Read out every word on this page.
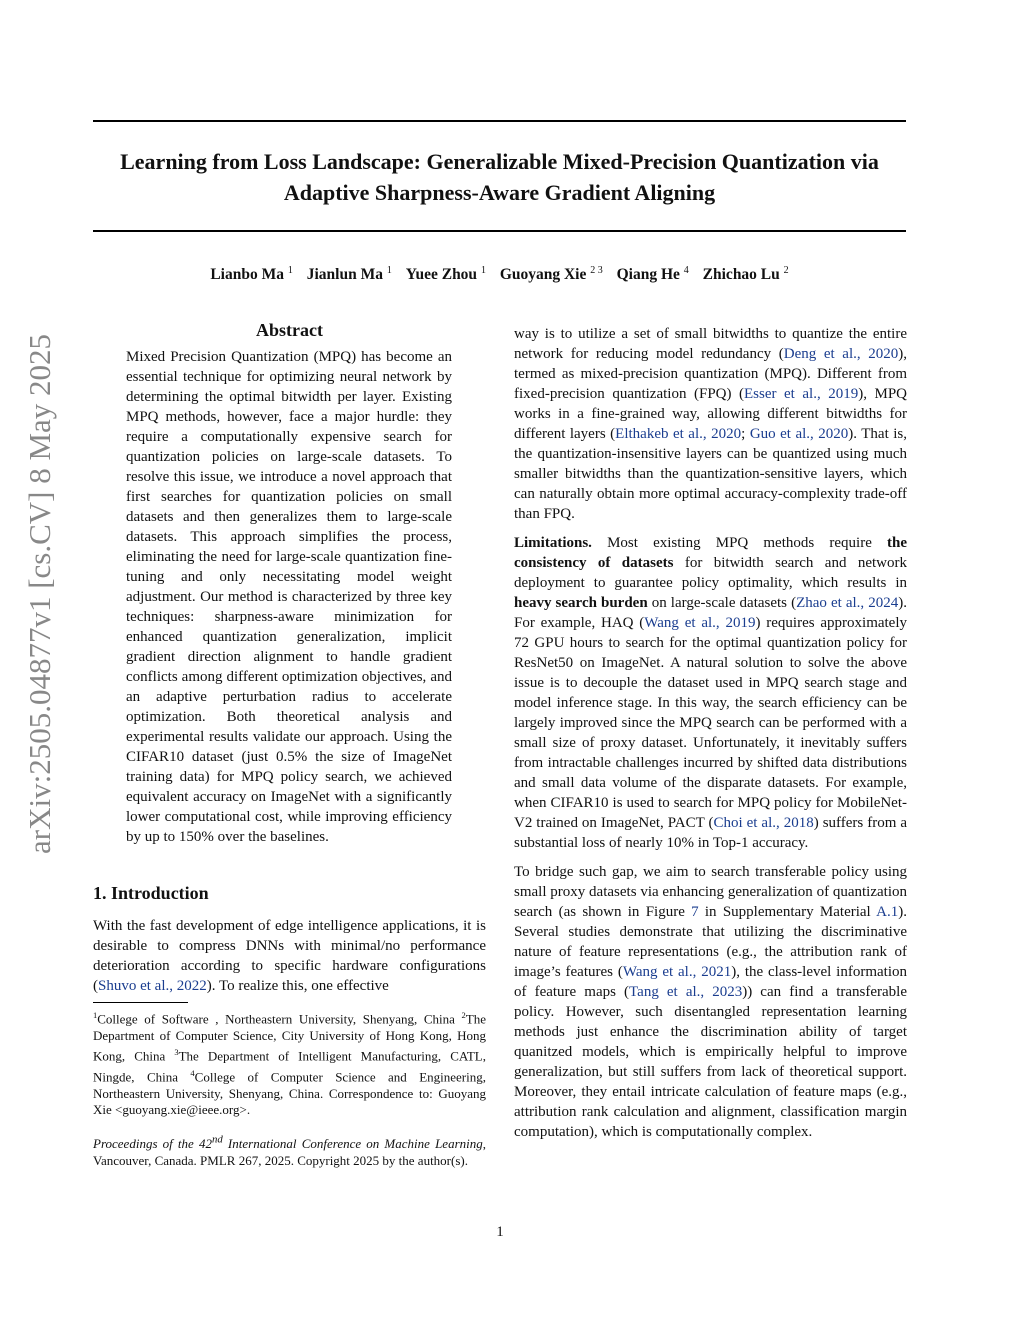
arXiv:2505.04877v1 [cs.CV] 8 May 2025
Learning from Loss Landscape: Generalizable Mixed-Precision Quantization via
Adaptive Sharpness-Aware Gradient Aligning
Lianbo Ma $^1$ Jianlun Ma $^1$ Yuee Zhou $^1$ Guoyang Xie $^{2 3}$ Qiang He $^4$ Zhichao Lu $^2$
Abstract

Mixed Precision Quantization (MPQ) has become an essential technique for optimizing neural network by determining the optimal bitwidth per layer. Existing MPQ methods, however, face a major hurdle: they require a computationally expensive search for quantization policies on large-scale datasets. To resolve this issue, we introduce a novel approach that first searches for quantization policies on small datasets and then generalizes them to large-scale datasets. This approach simplifies the process, eliminating the need for large-scale quantization fine-tuning and only necessitating model weight adjustment. Our method is characterized by three key techniques: sharpness-aware minimization for enhanced quantization generalization, implicit gradient direction alignment to handle gradient conflicts among different optimization objectives, and an adaptive perturbation radius to accelerate optimization. Both theoretical analysis and experimental results validate our approach. Using the CIFAR10 dataset (just 0.5% the size of ImageNet training data) for MPQ policy search, we achieved equivalent accuracy on ImageNet with a significantly lower computational cost, while improving efficiency by up to 150% over the baselines.

1. Introduction

With the fast development of edge intelligence applications, it is desirable to compress DNNs with minimal/no performance deterioration according to specific hardware configurations (Shuvo et al., 2022). To realize this, one effective

$^1$College of Software , Northeastern University, Shenyang, China $^2$The Department of Computer Science, City University of Hong Kong, Hong Kong, China $^3$The Department of Intelligent Manufacturing, CATL, Ningde, China $^4$College of Computer Science and Engineering, Northeastern University, Shenyang, China. Correspondence to: Guoyang Xie <guoyang.xie@ieee.org>.

Proceedings of the 42nd International Conference on Machine Learning, Vancouver, Canada. PMLR 267, 2025. Copyright 2025 by the author(s).

way is to utilize a set of small bitwidths to quantize the entire network for reducing model redundancy (Deng et al., 2020), termed as mixed-precision quantization (MPQ). Different from fixed-precision quantization (FPQ) (Esser et al., 2019), MPQ works in a fine-grained way, allowing different bitwidths for different layers (Elthakeb et al., 2020; Guo et al., 2020). That is, the quantization-insensitive layers can be quantized using much smaller bitwidths than the quantization-sensitive layers, which can naturally obtain more optimal accuracy-complexity trade-off than FPQ.

Limitations. Most existing MPQ methods require the consistency of datasets for bitwidth search and network deployment to guarantee policy optimality, which results in heavy search burden on large-scale datasets (Zhao et al., 2024). For example, HAQ (Wang et al., 2019) requires approximately 72 GPU hours to search for the optimal quantization policy for ResNet50 on ImageNet. A natural solution to solve the above issue is to decouple the dataset used in MPQ search stage and model inference stage. In this way, the search efficiency can be largely improved since the MPQ search can be performed with a small size of proxy dataset. Unfortunately, it inevitably suffers from intractable challenges incurred by shifted data distributions and small data volume of the disparate datasets. For example, when CIFAR10 is used to search for MPQ policy for MobileNet-V2 trained on ImageNet, PACT (Choi et al., 2018) suffers from a substantial loss of nearly 10% in Top-1 accuracy.

To bridge such gap, we aim to search transferable policy using small proxy datasets via enhancing generalization of quantization search (as shown in Figure 7 in Supplementary Material A.1). Several studies demonstrate that utilizing the discriminative nature of feature representations (e.g., the attribution rank of image’s features (Wang et al., 2021), the class-level information of feature maps (Tang et al., 2023)) can find a transferable policy. However, such disentangled representation learning methods just enhance the discrimination ability of target quanitzed models, which is empirically helpful to improve generalization, but still suffers from lack of theoretical support. Moreover, they entail intricate calculation of feature maps (e.g., attribution rank calculation and alignment, classification margin computation), which is computationally complex.

1
